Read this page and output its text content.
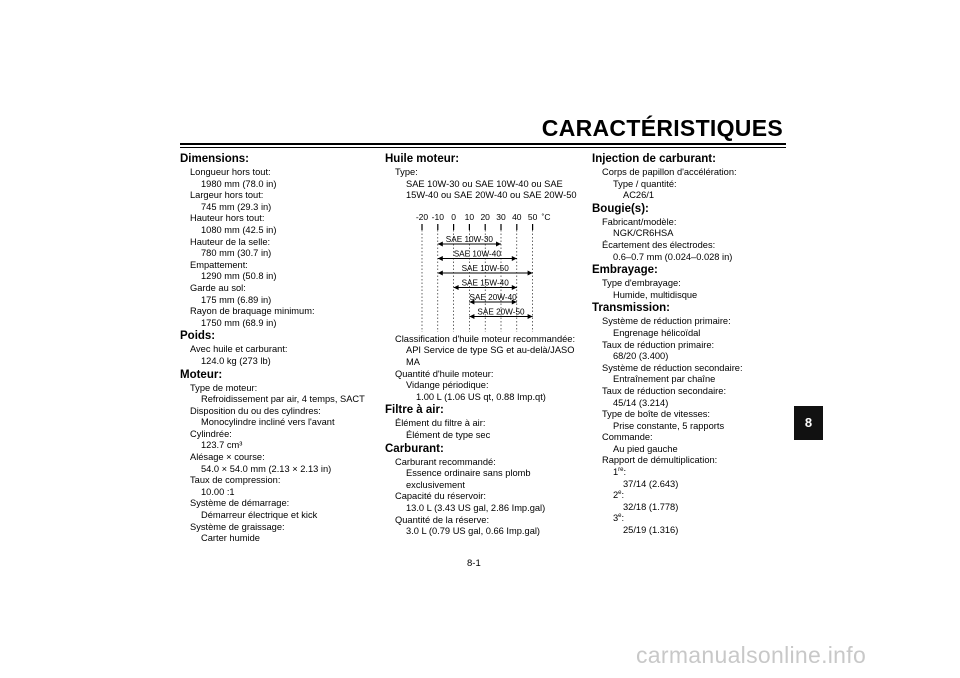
CARACTÉRISTIQUES
8
Dimensions:
Longueur hors tout:
1980 mm (78.0 in)
Largeur hors tout:
745 mm (29.3 in)
Hauteur hors tout:
1080 mm (42.5 in)
Hauteur de la selle:
780 mm (30.7 in)
Empattement:
1290 mm (50.8 in)
Garde au sol:
175 mm (6.89 in)
Rayon de braquage minimum:
1750 mm (68.9 in)
Poids:
Avec huile et carburant:
124.0 kg (273 lb)
Moteur:
Type de moteur:
Refroidissement par air, 4 temps, SACT
Disposition du ou des cylindres:
Monocylindre incliné vers l'avant
Cylindrée:
123.7 cm³
Alésage × course:
54.0 × 54.0 mm (2.13 × 2.13 in)
Taux de compression:
10.00 :1
Système de démarrage:
Démarreur électrique et kick
Système de graissage:
Carter humide
Huile moteur:
Type:
SAE 10W-30 ou SAE 10W-40 ou SAE 15W-40 ou SAE 20W-40 ou SAE 20W-50
-20 -10 0 10 20 30 40 50 ˚C
SAE 10W-30
SAE 10W-40
SAE 10W-50
SAE 15W-40
SAE 20W-40
SAE 20W-50
Classification d'huile moteur recommandée:
API Service de type SG et au-delà/JASO MA
Quantité d'huile moteur:
Vidange périodique:
1.00 L (1.06 US qt, 0.88 Imp.qt)
Filtre à air:
Élément du filtre à air:
Élément de type sec
Carburant:
Carburant recommandé:
Essence ordinaire sans plomb exclusivement
Capacité du réservoir:
13.0 L (3.43 US gal, 2.86 Imp.gal)
Quantité de la réserve:
3.0 L (0.79 US gal, 0.66 Imp.gal)
Injection de carburant:
Corps de papillon d'accélération:
Type / quantité:
AC26/1
Bougie(s):
Fabricant/modèle:
NGK/CR6HSA
Écartement des électrodes:
0.6–0.7 mm (0.024–0.028 in)
Embrayage:
Type d'embrayage:
Humide, multidisque
Transmission:
Système de réduction primaire:
Engrenage hélicoïdal
Taux de réduction primaire:
68/20 (3.400)
Système de réduction secondaire:
Entraînement par chaîne
Taux de réduction secondaire:
45/14 (3.214)
Type de boîte de vitesses:
Prise constante, 5 rapports
Commande:
Au pied gauche
Rapport de démultiplication:
1re:
37/14 (2.643)
2e:
32/18 (1.778)
3e:
25/19 (1.316)
8-1
carmanualsonline.info
